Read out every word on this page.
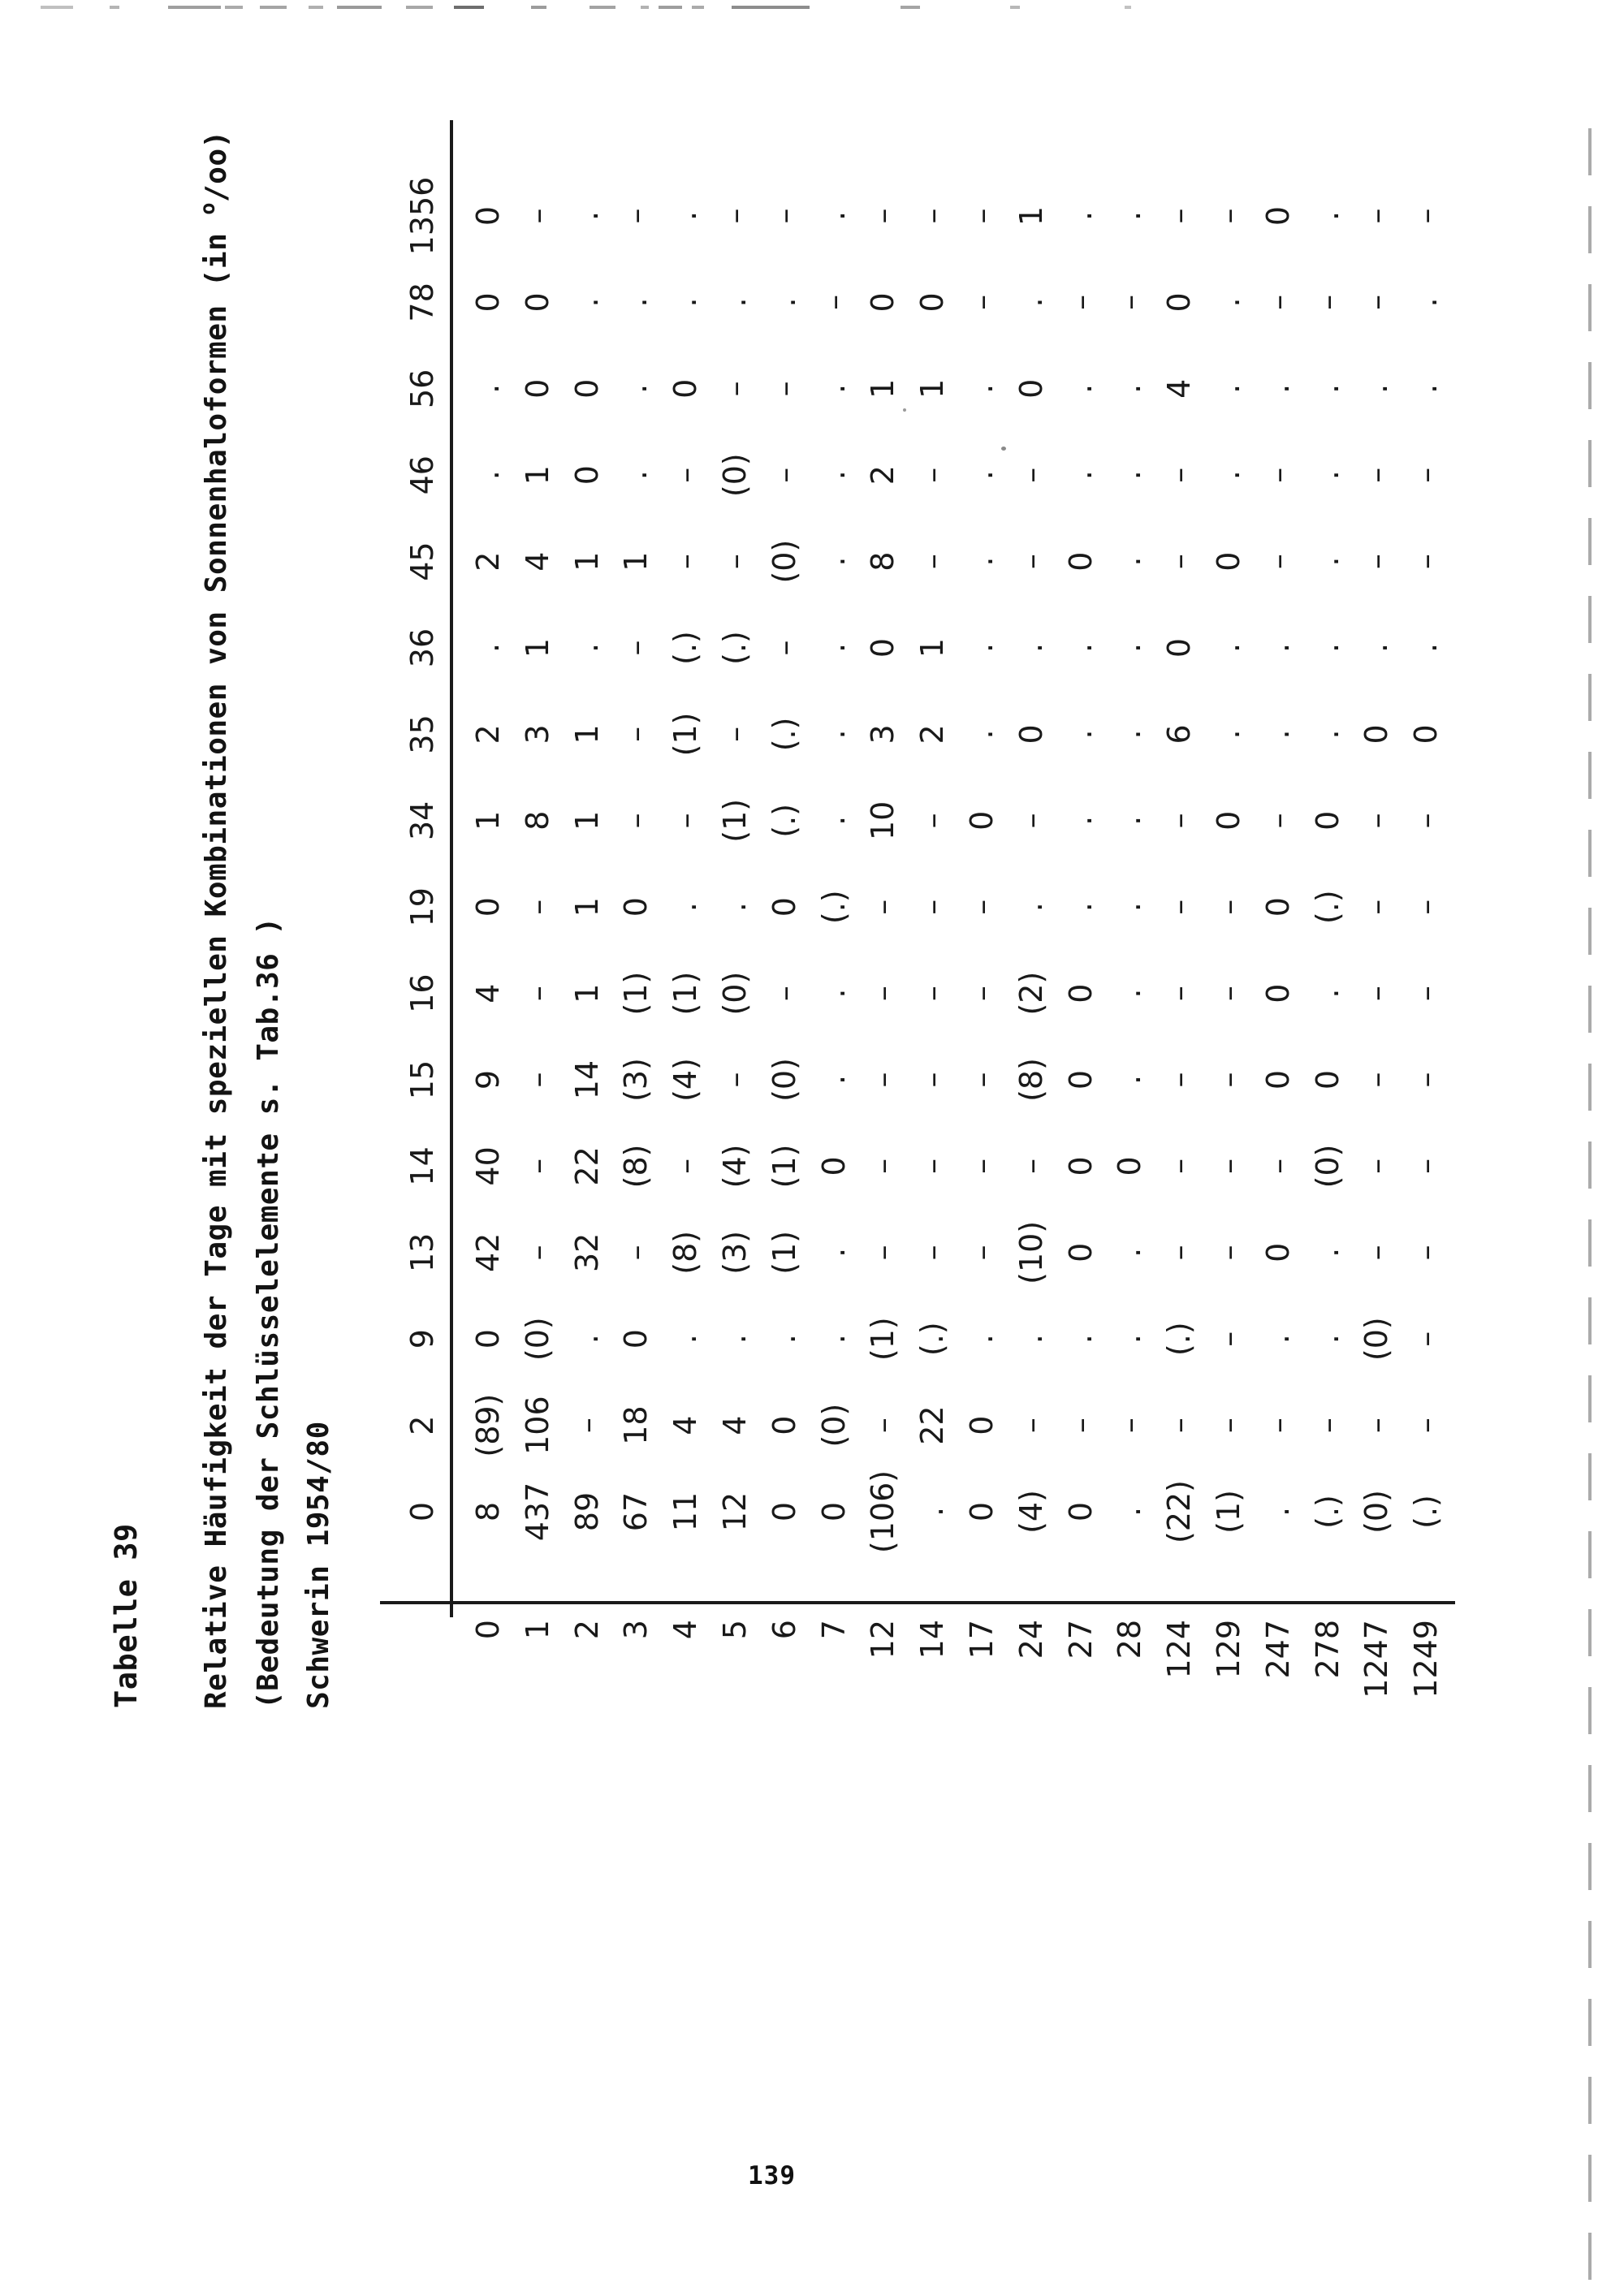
Tabelle 39 Relative Häufigkeit der Tage mit speziellen Kombinationen von Sonnenhaloformen (in $^o$/oo)
(Bedeutung der Schlüsselelemente s. Tab.36 ) Schwerin 1954/80 0
2
9
13
14
15
16
19
34
35
36
45
46
56
78
1356
0
8
(89)
0
42
40
9
4
0
1
2
.
2
.
.
0
0
1
437
106
(0)
–
–
–
–
–
8
3
1
4
1
0
0
–
2
89
–
.
32
22
14
1
1
1
1
.
1
0
0
.
.
3
67
18
0
–
(8)
(3)
(1)
0
–
–
–
1
.
.
.
–
4
11
4
.
(8)
–
(4)
(1)
.
–
(1)
(.)
–
–
0
.
.
5
12
4
.
(3)
(4)
–
(0)
.
(1)
–
(.)
–
(0)
–
.
–
6
0
0
.
(1)
(1)
(0)
–
0
(.)
(.)
–
(0)
–
–
.
–
7
0
(0)
.
.
0
.
.
(.)
.
.
.
.
.
.
–
.
12
(106)
–
(1)
–
–
–
–
–
10
3
0
8
2
1
0
–
14
.
22
(.)
–
–
–
–
–
–
2
1
–
–
1
0
–
17
0
0
.
–
–
–
–
–
0
.
.
.
.
.
–
–
24
(4)
–
.
(10)
–
(8)
(2)
.
–
0
.
–
–
0
.
1
27
0
–
.
0
0
0
0
.
.
.
.
0
.
.
–
.
28
.
–
.
.
0
.
.
.
.
.
.
.
.
.
–
.
124
(22)
–
(.)
–
–
–
–
–
–
6
0
–
–
4
0
–
129
(1)
–
–
–
–
–
–
–
0
.
.
0
.
.
.
–
247
.
–
.
0
–
0
0
0
–
.
.
–
–
.
–
0
278
(.)
–
.
.
(0)
0
.
(.)
0
.
.
.
.
.
–
.
1247
(0)
–
(0)
–
–
–
–
–
–
0
.
–
–
.
–
–
1249
(.)
–
–
–
–
–
–
–
–
0
.
–
–
.
.
–
139
